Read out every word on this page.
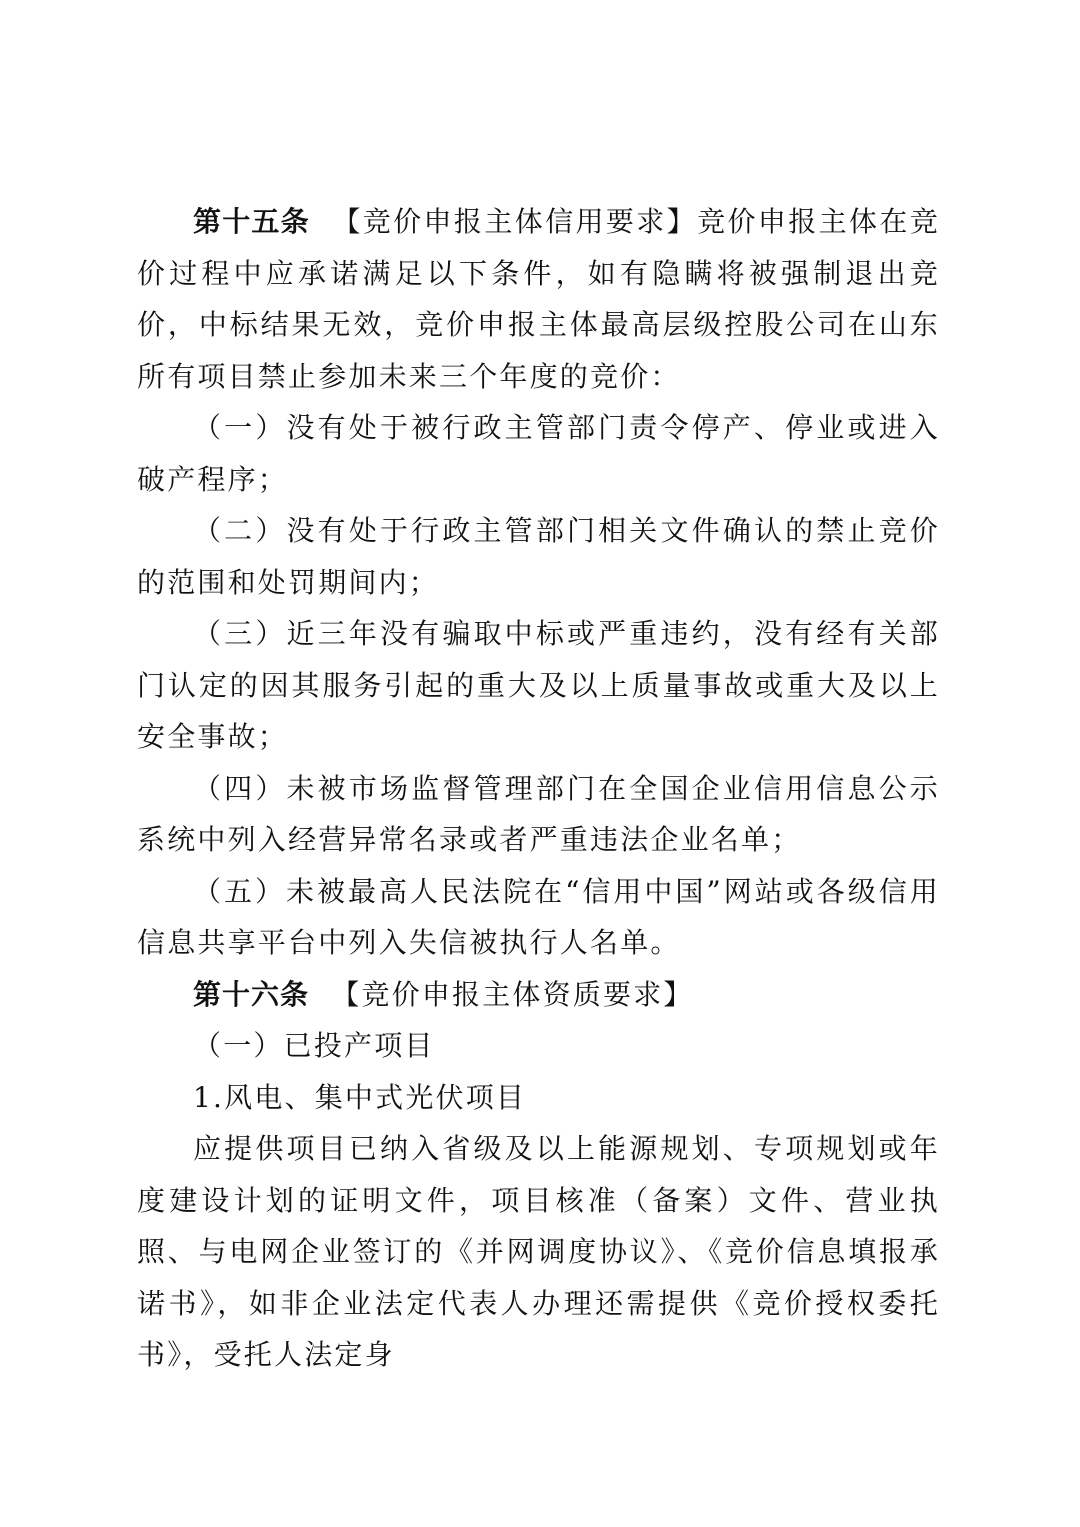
第十五条 【竞价申报主体信用要求】竞价申报主体在竞价过程中应承诺满足以下条件，如有隐瞒将被强制退出竞价，中标结果无效，竞价申报主体最高层级控股公司在山东所有项目禁止参加未来三个年度的竞价：

（一）没有处于被行政主管部门责令停产、停业或进入破产程序；

（二）没有处于行政主管部门相关文件确认的禁止竞价的范围和处罚期间内；

（三）近三年没有骗取中标或严重违约，没有经有关部门认定的因其服务引起的重大及以上质量事故或重大及以上安全事故；

（四）未被市场监督管理部门在全国企业信用信息公示系统中列入经营异常名录或者严重违法企业名单；

（五）未被最高人民法院在“信用中国”网站或各级信用信息共享平台中列入失信被执行人名单。

第十六条 【竞价申报主体资质要求】

（一）已投产项目

1.风电、集中式光伏项目

应提供项目已纳入省级及以上能源规划、专项规划或年度建设计划的证明文件，项目核准（备案）文件、营业执照、与电网企业签订的《并网调度协议》、《竞价信息填报承诺书》，如非企业法定代表人办理还需提供《竞价授权委托书》，受托人法定身
